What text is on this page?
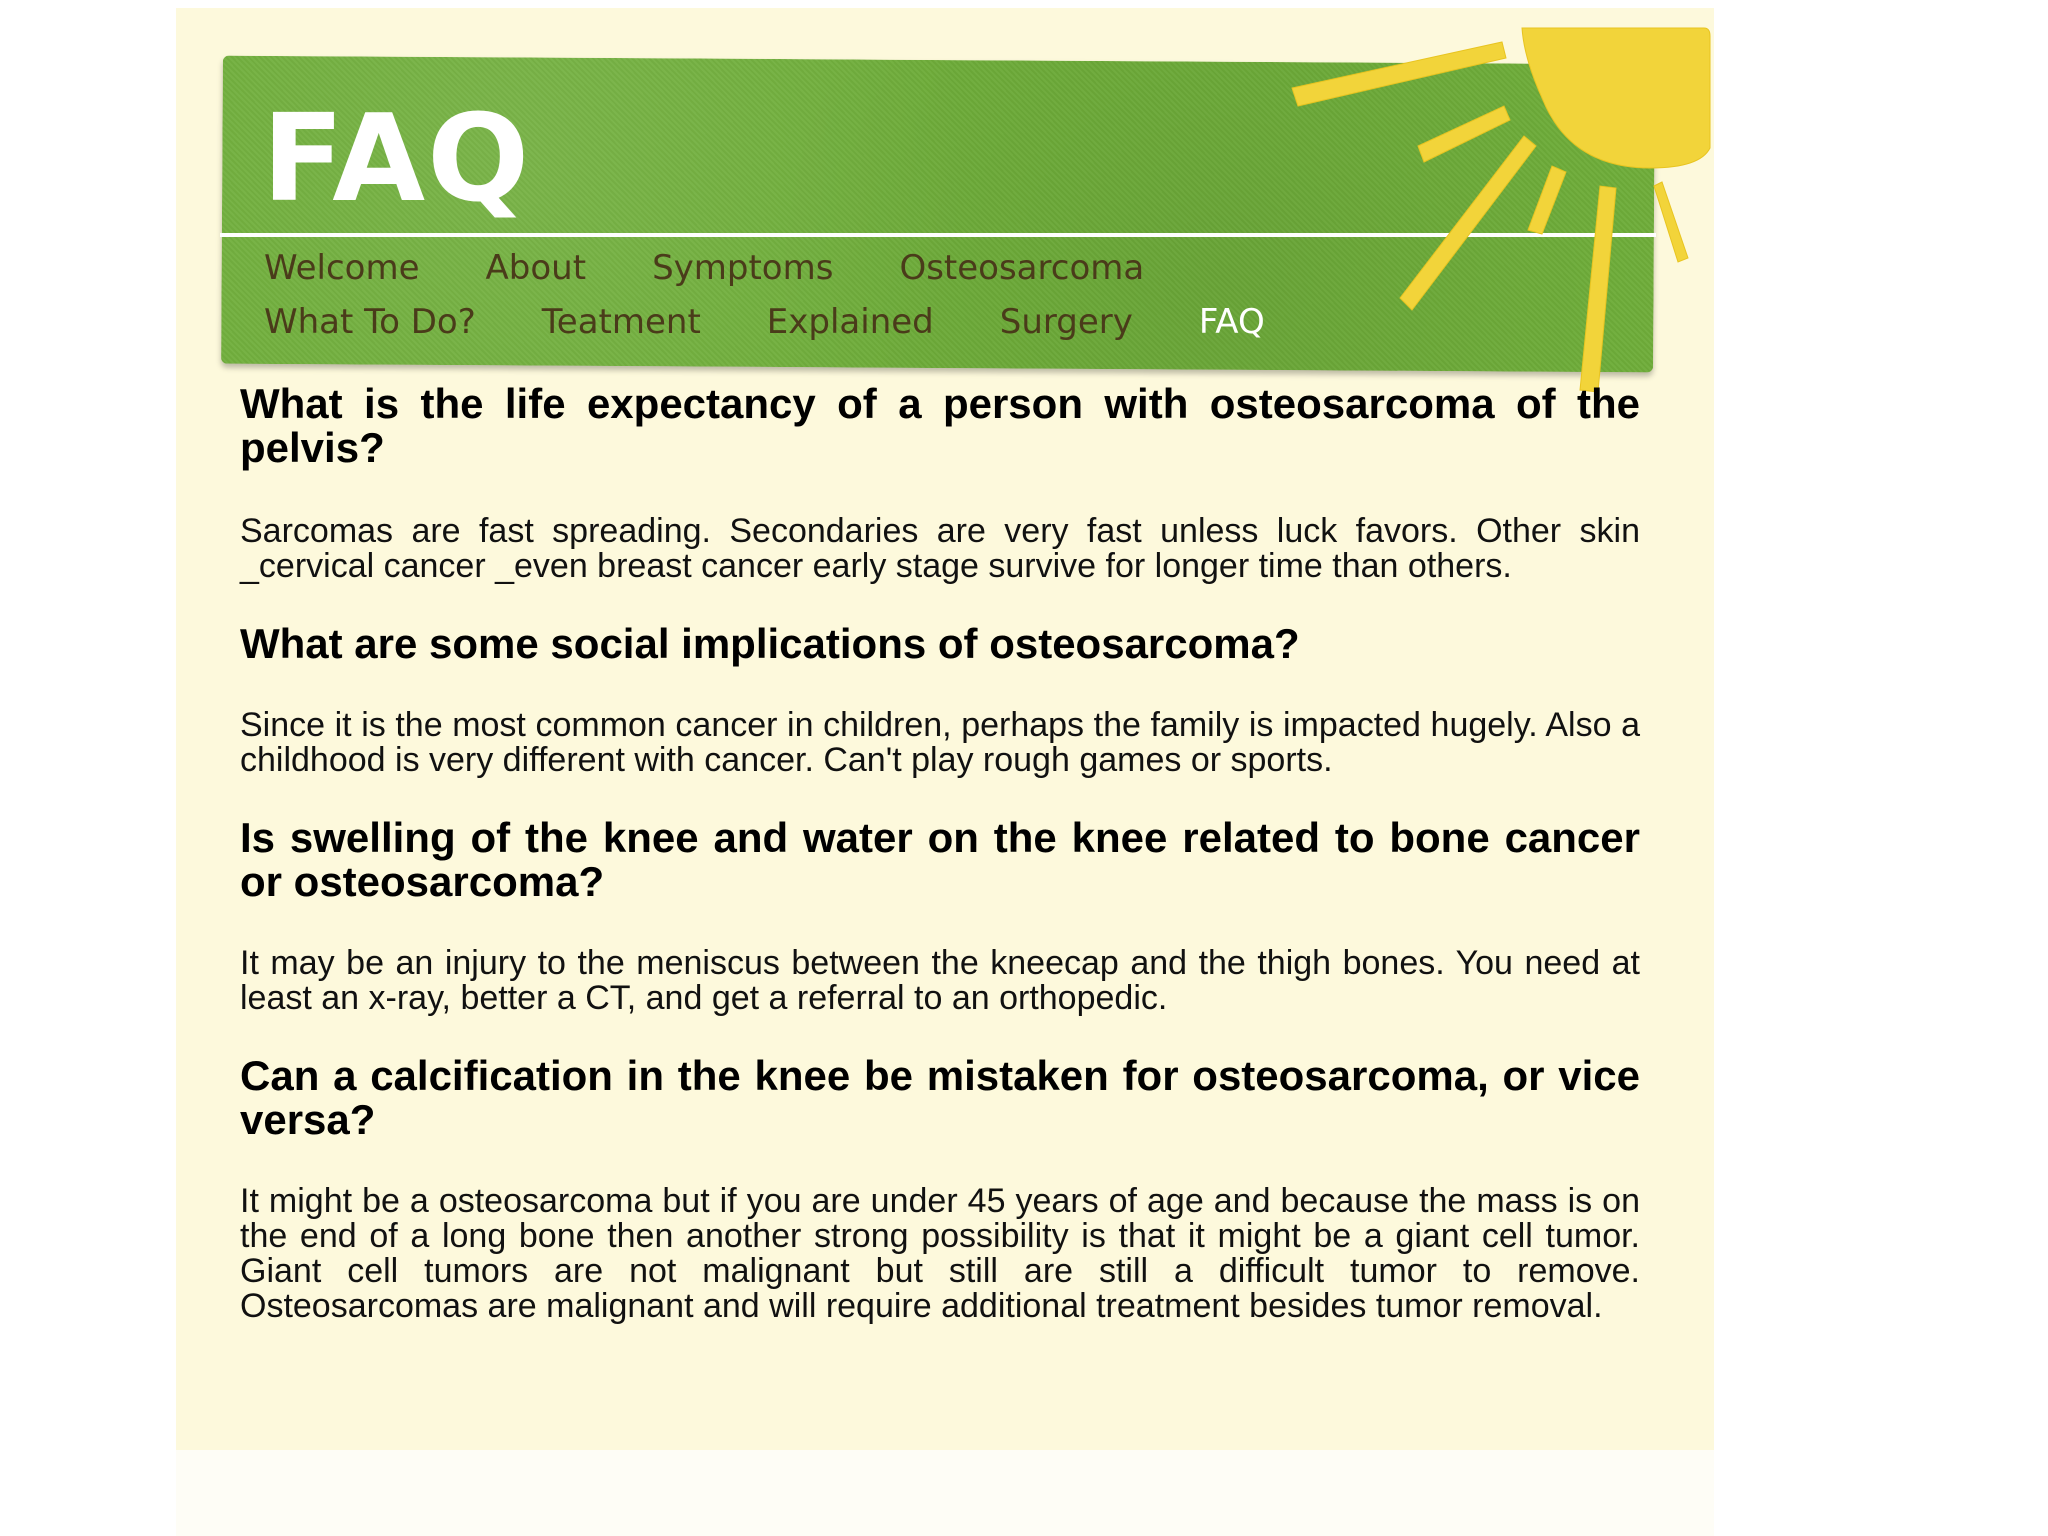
FAQ
Welcome About Symptoms Osteosarcoma
What To Do? Teatment Explained Surgery FAQ
What is the life expectancy of a person with osteosarcoma of the pelvis?

Sarcomas are fast spreading. Secondaries are very fast unless luck favors. Other skin _cervical cancer _even breast cancer early stage survive for longer time than others.

What are some social implications of osteosarcoma?

Since it is the most common cancer in children, perhaps the family is impacted hugely. Also a childhood is very different with cancer. Can't play rough games or sports.

Is swelling of the knee and water on the knee related to bone cancer or osteosarcoma?

It may be an injury to the meniscus between the kneecap and the thigh bones. You need at least an x-ray, better a CT, and get a referral to an orthopedic.

Can a calcification in the knee be mistaken for osteosarcoma, or vice versa?

It might be a osteosarcoma but if you are under 45 years of age and because the mass is on the end of a long bone then another strong possibility is that it might be a giant cell tumor. Giant cell tumors are not malignant but still are still a difficult tumor to remove. Osteosarcomas are malignant and will require additional treatment besides tumor removal.
